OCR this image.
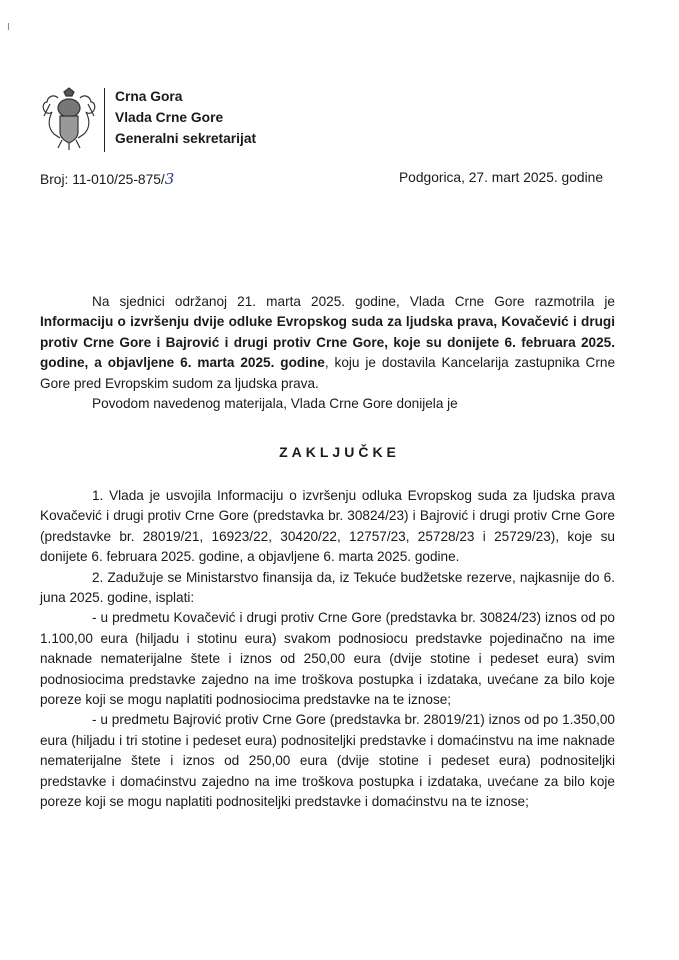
I
Crna Gora
Vlada Crne Gore
Generalni sekretarijat
Broj: 11-010/25-875/3	Podgorica, 27. mart 2025. godine

Na sjednici održanoj 21. marta 2025. godine, Vlada Crne Gore razmotrila je Informaciju o izvršenju dvije odluke Evropskog suda za ljudska prava, Kovačević i drugi protiv Crne Gore i Bajrović i drugi protiv Crne Gore, koje su donijete 6. februara 2025. godine, a objavljene 6. marta 2025. godine, koju je dostavila Kancelarija zastupnika Crne Gore pred Evropskim sudom za ljudska prava.

Povodom navedenog materijala, Vlada Crne Gore donijela je

ZAKLJUČKE

1. Vlada je usvojila Informaciju o izvršenju odluka Evropskog suda za ljudska prava Kovačević i drugi protiv Crne Gore (predstavka br. 30824/23) i Bajrović i drugi protiv Crne Gore (predstavke br. 28019/21, 16923/22, 30420/22, 12757/23, 25728/23 i 25729/23), koje su donijete 6. februara 2025. godine, a objavljene 6. marta 2025. godine.

2. Zadužuje se Ministarstvo finansija da, iz Tekuće budžetske rezerve, najkasnije do 6. juna 2025. godine, isplati:

- u predmetu Kovačević i drugi protiv Crne Gore (predstavka br. 30824/23) iznos od po 1.100,00 eura (hiljadu i stotinu eura) svakom podnosiocu predstavke pojedinačno na ime naknade nematerijalne štete i iznos od 250,00 eura (dvije stotine i pedeset eura) svim podnosiocima predstavke zajedno na ime troškova postupka i izdataka, uvećane za bilo koje poreze koji se mogu naplatiti podnosiocima predstavke na te iznose;

- u predmetu Bajrović protiv Crne Gore (predstavka br. 28019/21) iznos od po 1.350,00 eura (hiljadu i tri stotine i pedeset eura) podnositeljki predstavke i domaćinstvu na ime naknade nematerijalne štete i iznos od 250,00 eura (dvije stotine i pedeset eura) podnositeljki predstavke i domaćinstvu zajedno na ime troškova postupka i izdataka, uvećane za bilo koje poreze koji se mogu naplatiti podnositeljki predstavke i domaćinstvu na te iznose;
